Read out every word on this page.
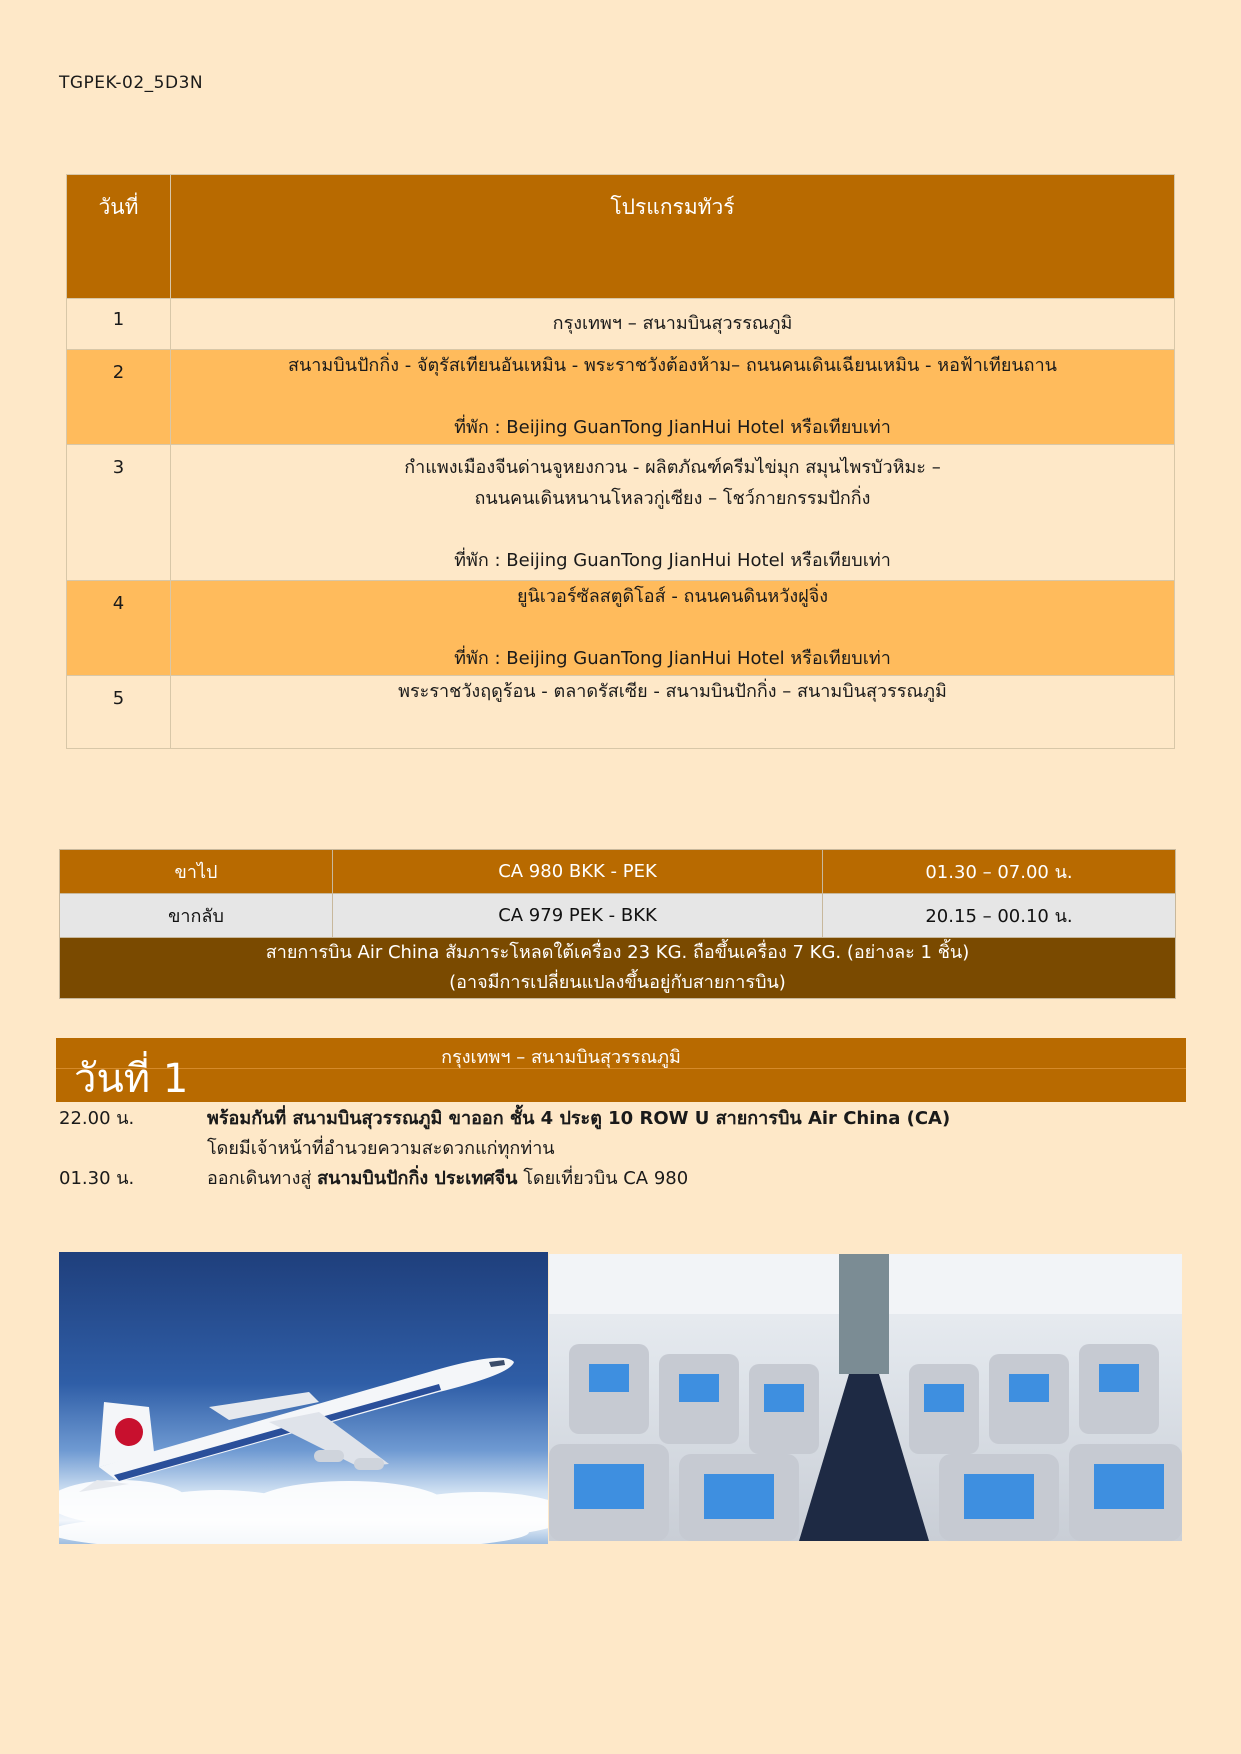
TGPEK-02_5D3N
วันที่	โปรแกรมทัวร์

1	กรุงเทพฯ – สนามบินสุวรรณภูมิ

2	สนามบินปักกิ่ง - จัตุรัสเทียนอันเหมิน - พระราชวังต้องห้าม– ถนนคนเดินเฉียนเหมิน - หอฟ้าเทียนถาน
ที่พัก : Beijing GuanTong JianHui Hotel หรือเทียบเท่า

3	กำแพงเมืองจีนด่านจูหยงกวน - ผลิตภัณฑ์ครีมไข่มุก สมุนไพรบัวหิมะ –
ถนนคนเดินหนานโหลวกู่เซียง – โชว์กายกรรมปักกิ่ง
ที่พัก : Beijing GuanTong JianHui Hotel หรือเทียบเท่า

4	ยูนิเวอร์ซัลสตูดิโอส์ - ถนนคนดินหวังฝูจิ่ง
ที่พัก : Beijing GuanTong JianHui Hotel หรือเทียบเท่า

5	พระราชวังฤดูร้อน - ตลาดรัสเซีย - สนามบินปักกิ่ง – สนามบินสุวรรณภูมิ
ขาไป	CA 980 BKK - PEK	01.30 – 07.00 น.
ขากลับ	CA 979 PEK - BKK	20.15 – 00.10 น.

สายการบิน Air China สัมภาระโหลดใต้เครื่อง 23 KG. ถือขึ้นเครื่อง 7 KG. (อย่างละ 1 ชิ้น)
(อาจมีการเปลี่ยนแปลงขึ้นอยู่กับสายการบิน)		
วันที่ 1	กรุงเทพฯ – สนามบินสุวรรณภูมิ
22.00 น.	พร้อมกันที่ สนามบินสุวรรณภูมิ ขาออก ชั้น 4 ประตู 10 ROW U สายการบิน Air China (CA)
โดยมีเจ้าหน้าที่อำนวยความสะดวกแก่ทุกท่าน
01.30 น.	ออกเดินทางสู่ สนามบินปักกิ่ง ประเทศจีน โดยเที่ยวบิน CA 980
